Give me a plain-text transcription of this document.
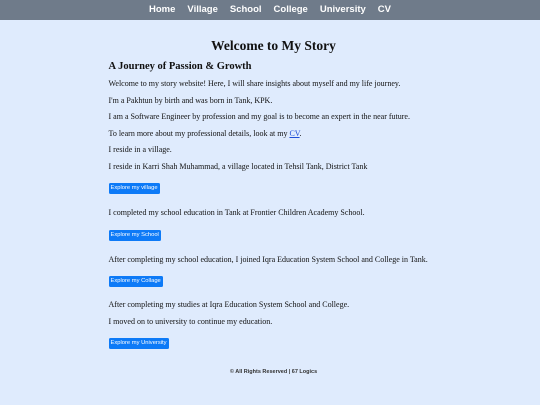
Home	Village	School	College	University	CV
Welcome to My Story
A Journey of Passion & Growth

Welcome to my story website! Here, I will share insights about myself and my life journey.

I'm a Pakhtun by birth and was born in Tank, KPK.

I am a Software Engineer by profession and my goal is to become an expert in the near future.

To learn more about my professional details, look at my CV.

I reside in a village.

I reside in Karri Shah Muhammad, a village located in Tehsil Tank, District Tank

Explore my village

I completed my school education in Tank at Frontier Children Academy School.

Explore my School

After completing my school education, I joined Iqra Education System School and College in Tank.

Explore my Collage

After completing my studies at Iqra Education System School and College.

I moved on to university to continue my education.

Explore my University
© All Rights Reserved | 67 Logics
